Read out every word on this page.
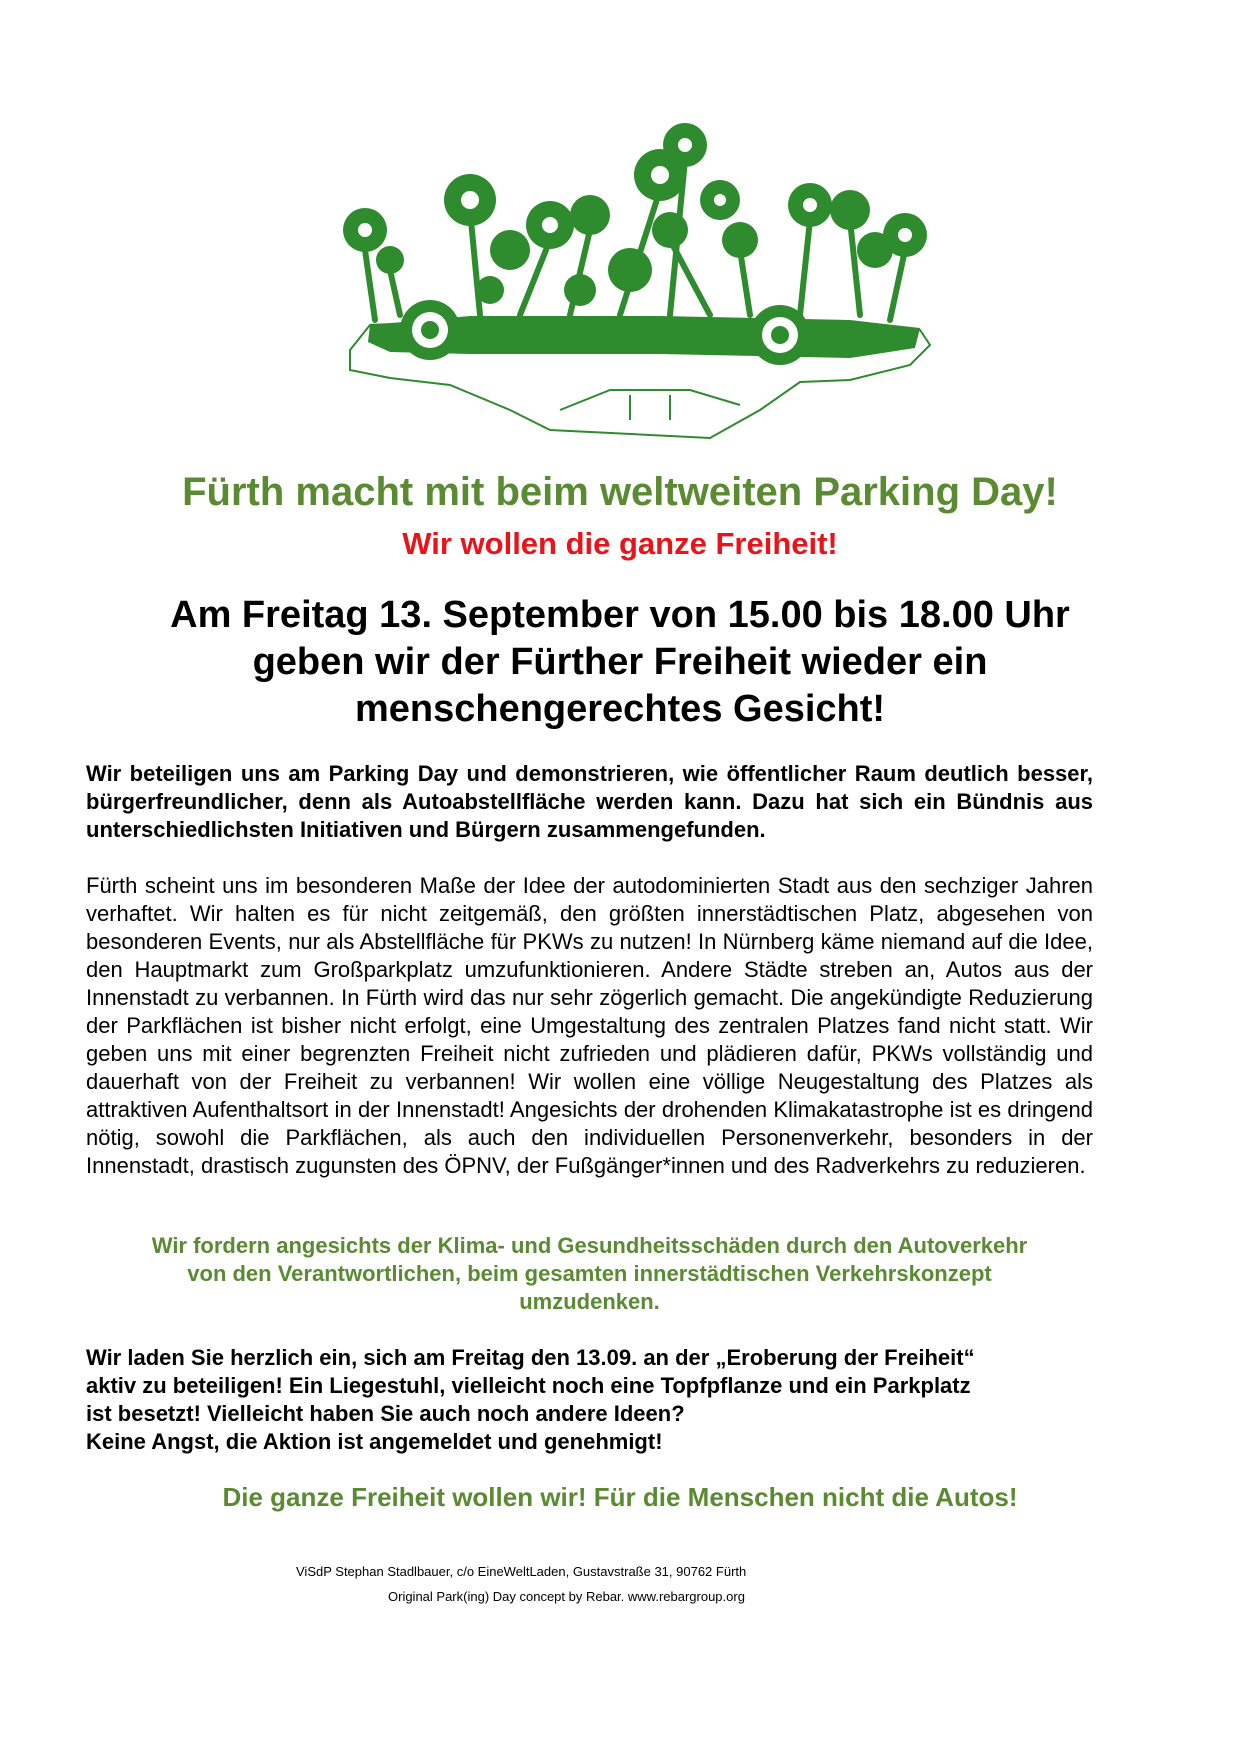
Fürth macht mit beim weltweiten Parking Day!
Wir wollen die ganze Freiheit!
Am Freitag 13. September von 15.00 bis 18.00 Uhr
geben wir der Fürther Freiheit wieder ein
menschengerechtes Gesicht!

Wir beteiligen uns am Parking Day und demonstrieren, wie öffentlicher Raum deutlich besser, bürgerfreundlicher, denn als Autoabstellfläche werden kann. Dazu hat sich ein Bündnis aus unterschiedlichsten Initiativen und Bürgern zusammengefunden.

Fürth scheint uns im besonderen Maße der Idee der autodominierten Stadt aus den sechziger Jahren verhaftet. Wir halten es für nicht zeitgemäß, den größten innerstädtischen Platz, abgesehen von besonderen Events, nur als Abstellfläche für PKWs zu nutzen! In Nürnberg käme niemand auf die Idee, den Hauptmarkt zum Großparkplatz umzufunktionieren. Andere Städte streben an, Autos aus der Innenstadt zu verbannen. In Fürth wird das nur sehr zögerlich gemacht. Die angekündigte Reduzierung der Parkflächen ist bisher nicht erfolgt, eine Umgestaltung des zentralen Platzes fand nicht statt. Wir geben uns mit einer begrenzten Freiheit nicht zufrieden und plädieren dafür, PKWs vollständig und dauerhaft von der Freiheit zu verbannen! Wir wollen eine völlige Neugestaltung des Platzes als attraktiven Aufenthaltsort in der Innenstadt! Angesichts der drohenden Klimakatastrophe ist es dringend nötig, sowohl die Parkflächen, als auch den individuellen Personenverkehr, besonders in der Innenstadt, drastisch zugunsten des ÖPNV, der Fußgänger*innen und des Radverkehrs zu reduzieren.

Wir fordern angesichts der Klima- und Gesundheitsschäden durch den Autoverkehr
von den Verantwortlichen, beim gesamten innerstädtischen Verkehrskonzept
umzudenken.
Wir laden Sie herzlich ein, sich am Freitag den 13.09. an der „Eroberung der Freiheit“
aktiv zu beteiligen! Ein Liegestuhl, vielleicht noch eine Topfpflanze und ein Parkplatz
ist besetzt! Vielleicht haben Sie auch noch andere Ideen?
Keine Angst, die Aktion ist angemeldet und genehmigt!

Die ganze Freiheit wollen wir! Für die Menschen nicht die Autos!

ViSdP Stephan Stadlbauer, c/o EineWeltLaden, Gustavstraße 31, 90762 Fürth

Original Park(ing) Day concept by Rebar. www.rebargroup.org
